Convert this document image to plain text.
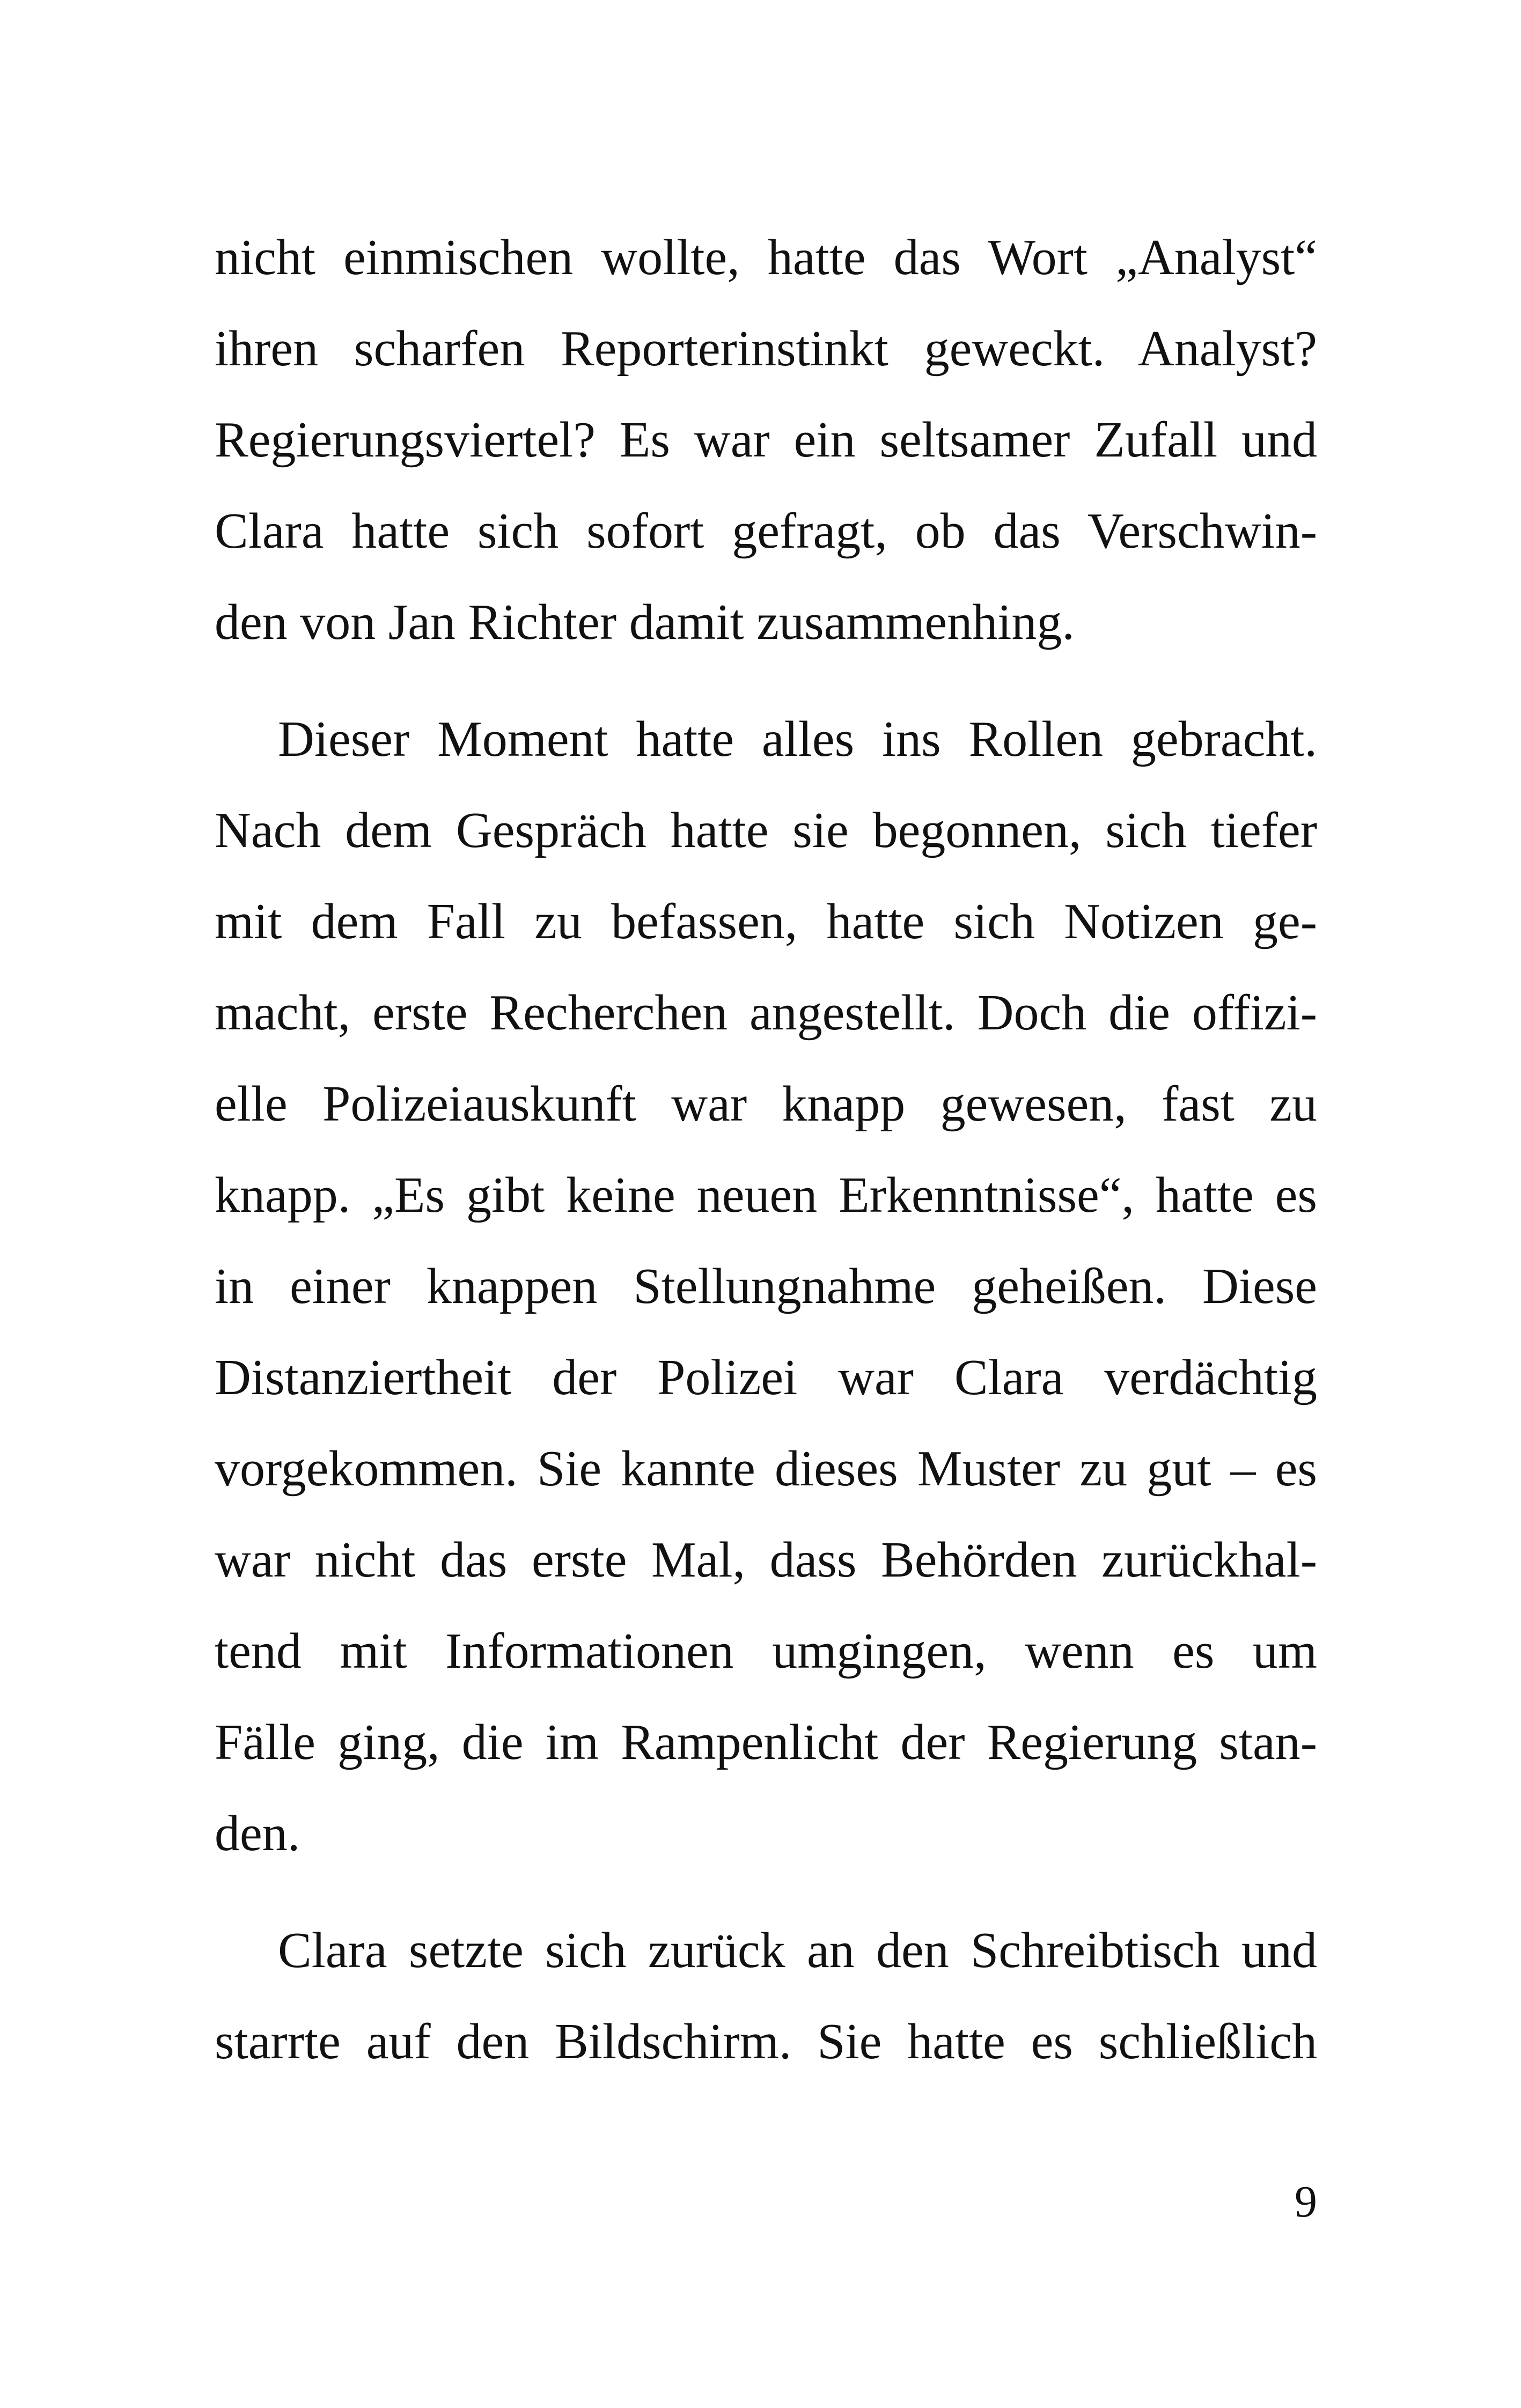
nicht einmischen wollte, hatte das Wort „Analyst“
ihren scharfen Reporterinstinkt geweckt. Analyst?
Regierungsviertel? Es war ein seltsamer Zufall und
Clara hatte sich sofort gefragt, ob das Verschwin-
den von Jan Richter damit zusammenhing.
Dieser Moment hatte alles ins Rollen gebracht.
Nach dem Gespräch hatte sie begonnen, sich tiefer
mit dem Fall zu befassen, hatte sich Notizen ge-
macht, erste Recherchen angestellt. Doch die offizi-
elle Polizeiauskunft war knapp gewesen, fast zu
knapp. „Es gibt keine neuen Erkenntnisse“, hatte es
in einer knappen Stellungnahme geheißen. Diese
Distanziertheit der Polizei war Clara verdächtig
vorgekommen. Sie kannte dieses Muster zu gut – es
war nicht das erste Mal, dass Behörden zurückhal-
tend mit Informationen umgingen, wenn es um
Fälle ging, die im Rampenlicht der Regierung stan-
den.
Clara setzte sich zurück an den Schreibtisch und
starrte auf den Bildschirm. Sie hatte es schließlich
9
